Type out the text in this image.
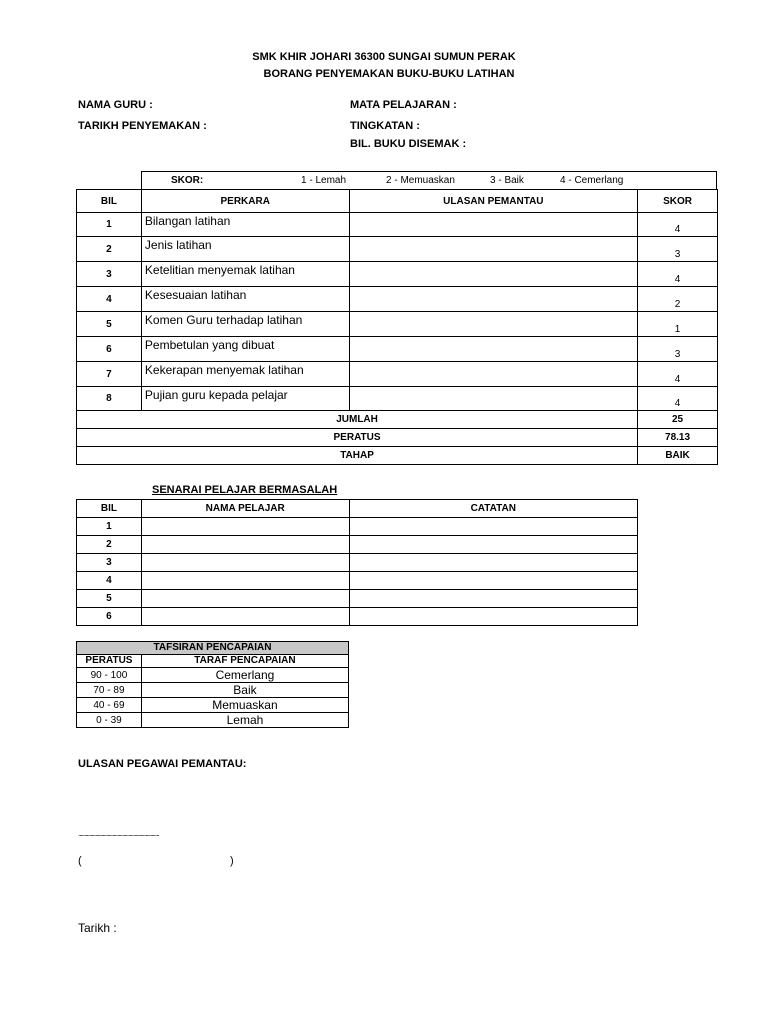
SMK KHIR JOHARI 36300 SUNGAI SUMUN PERAK
BORANG PENYEMAKAN BUKU-BUKU LATIHAN
NAMA GURU :
TARIKH PENYEMAKAN :
MATA PELAJARAN :
TINGKATAN :
BIL. BUKU DISEMAK :
SKOR:	1 - Lemah	2 - Memuaskan	3 - Baik	4 - Cemerlang
BIL	PERKARA	ULASAN PEMANTAU	SKOR
1	Bilangan latihan		4
2	Jenis latihan		3
3	Ketelitian menyemak latihan		4
4	Kesesuaian latihan		2
5	Komen Guru terhadap latihan		1
6	Pembetulan yang dibuat		3
7	Kekerapan menyemak latihan		4
8	Pujian guru kepada pelajar		4
JUMLAH			25
PERATUS			78.13
TAHAP			BAIK
SENARAI PELAJAR BERMASALAH
BIL	NAMA PELAJAR	CATATAN
1		
2		
3		
4		
5		
6		
TAFSIRAN PENCAPAIAN	
PERATUS	TARAF PENCAPAIAN
90 - 100	Cemerlang
70 - 89	Baik
40 - 69	Memuaskan
0 - 39	Lemah
ULASAN PEGAWAI PEMANTAU:
..................................................................
(	)
Tarikh :
